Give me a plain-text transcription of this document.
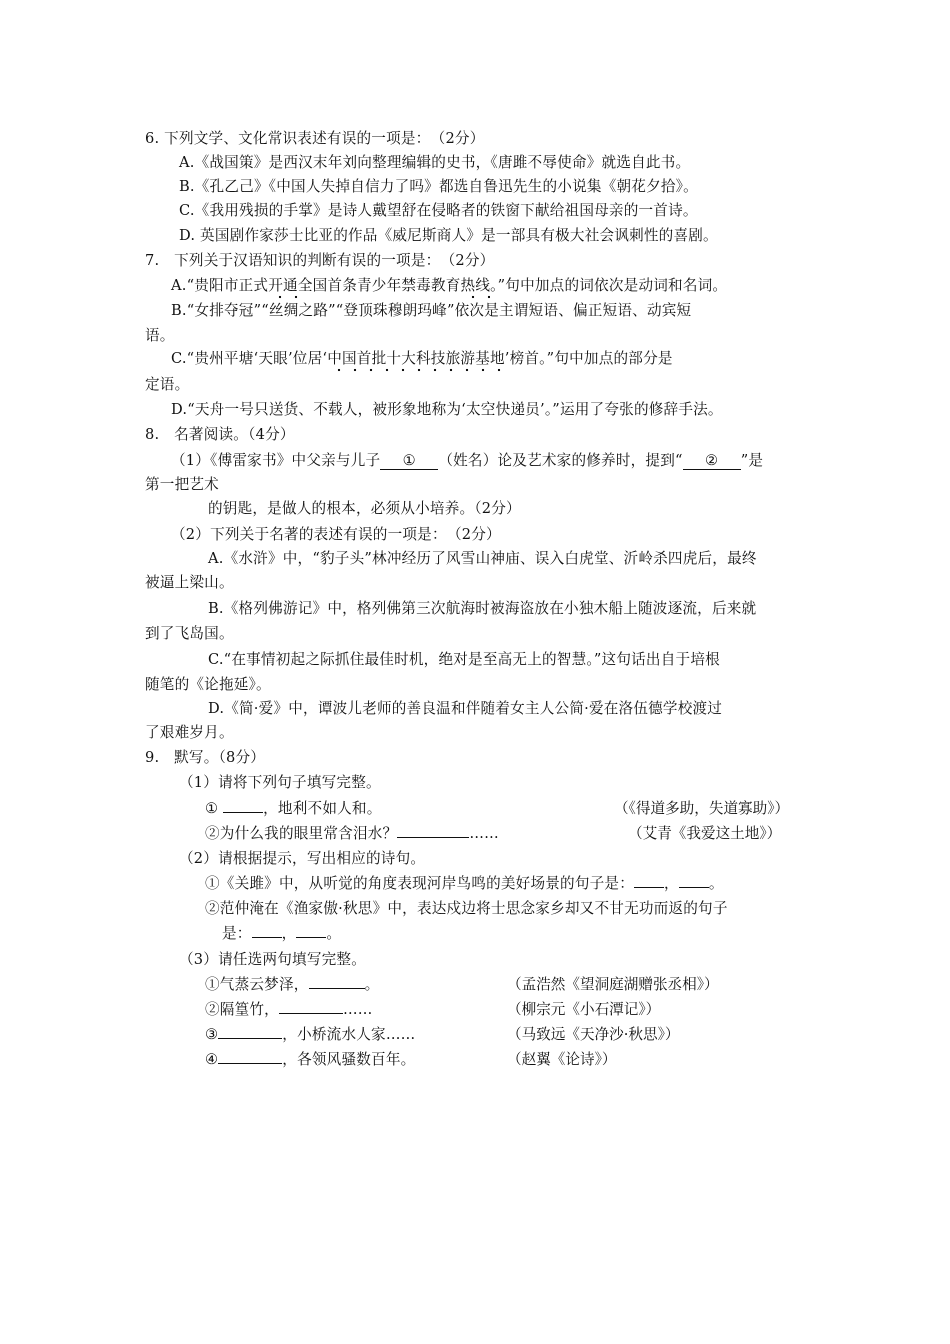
6. 下列文学、文化常识表述有误的一项是：　（2分）
A.《战国策》是西汉末年刘向整理编辑的史书，《唐雎不辱使命》就选自此书。
B.《孔乙己》《中国人失掉自信力了吗》都选自鲁迅先生的小说集《朝花夕拾》。
C.《我用残损的手掌》是诗人戴望舒在侵略者的铁窗下献给祖国母亲的一首诗。
D. 英国剧作家莎士比亚的作品《威尼斯商人》是一部具有极大社会讽刺性的喜剧。
7.　下列关于汉语知识的判断有误的一项是：　（2分）
A.“贵阳市正式开通全国首条青少年禁毒教育热线。”句中加点的词依次是动词和名词。
B.“女排夺冠”“丝绸之路”“登顶珠穆朗玛峰”依次是主谓短语、偏正短语、动宾短
语。
C.“贵州平塘‘天眼’位居‘中国首批十大科技旅游基地’榜首。”句中加点的部分是
定语。
D.“天舟一号只送货、不载人，被形象地称为‘太空快递员’。”运用了夸张的修辞手法。
8.　名著阅读。（4分）
（1）《傅雷家书》中父亲与儿子 ① （姓名）论及艺术家的修养时，提到“ ② ”是
第一把艺术
的钥匙，是做人的根本，必须从小培养。（2分）
（2）下列关于名著的表述有误的一项是：　（2分）
A.《水浒》中，“豹子头”林冲经历了风雪山神庙、误入白虎堂、沂岭杀四虎后，最终
被逼上梁山。
B.《格列佛游记》中，格列佛第三次航海时被海盗放在小独木船上随波逐流，后来就
到了飞岛国。
C.“在事情初起之际抓住最佳时机，绝对是至高无上的智慧。”这句话出自于培根
随笔的《论拖延》。
D.《简·爱》中，谭波儿老师的善良温和伴随着女主人公简·爱在洛伍德学校渡过
了艰难岁月。
9.　默写。（8分）
（1）请将下列句子填写完整。
①	，地利不如人和。	（《得道多助，失道寡助》）
②为什么我的眼里常含泪水？	……	（艾青《我爱这土地》）
（2）请根据提示，写出相应的诗句。
①《关雎》中，从听觉的角度表现河岸鸟鸣的美好场景的句子是： ， 。
②范仲淹在《渔家傲·秋思》中，表达戍边将士思念家乡却又不甘无功而返的句子
是： ， 。
（3）请任选两句填写完整。
①气蒸云梦泽，	。	（孟浩然《望洞庭湖赠张丞相》）
②隔篁竹，	……	（柳宗元《小石潭记》）
③	，小桥流水人家……	（马致远《天净沙·秋思》）
④	，各领风骚数百年。	（赵翼《论诗》）
